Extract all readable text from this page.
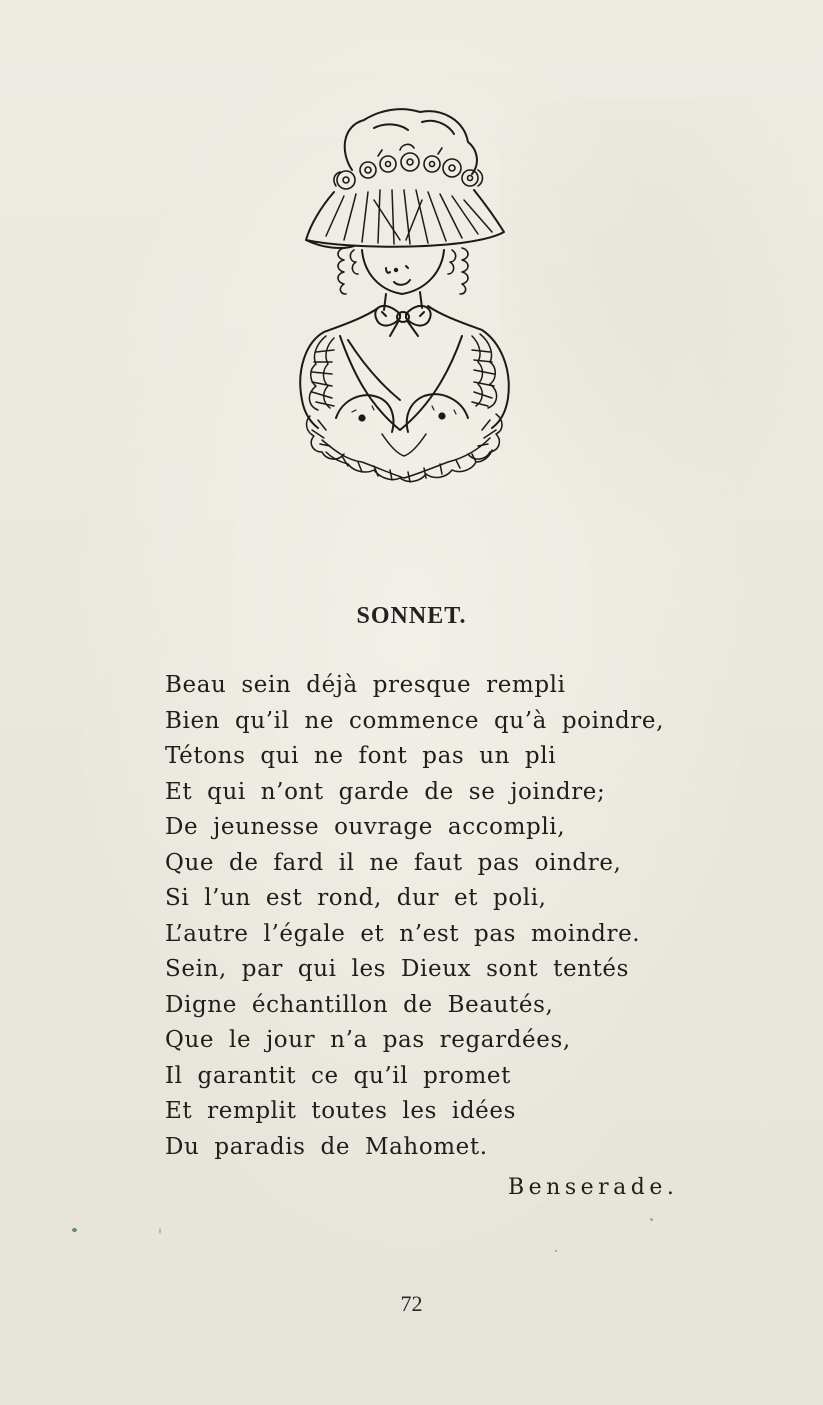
SONNET.
Beau sein déjà presque rempli
Bien qu’il ne commence qu’à poindre,
Tétons qui ne font pas un pli
Et qui n’ont garde de se joindre;
De jeunesse ouvrage accompli,
Que de fard il ne faut pas oindre,
Si l’un est rond, dur et poli,
L’autre l’égale et n’est pas moindre.
Sein, par qui les Dieux sont tentés
Digne échantillon de Beautés,
Que le jour n’a pas regardées,
Il garantit ce qu’il promet
Et remplit toutes les idées
Du paradis de Mahomet.
Benserade.
72
